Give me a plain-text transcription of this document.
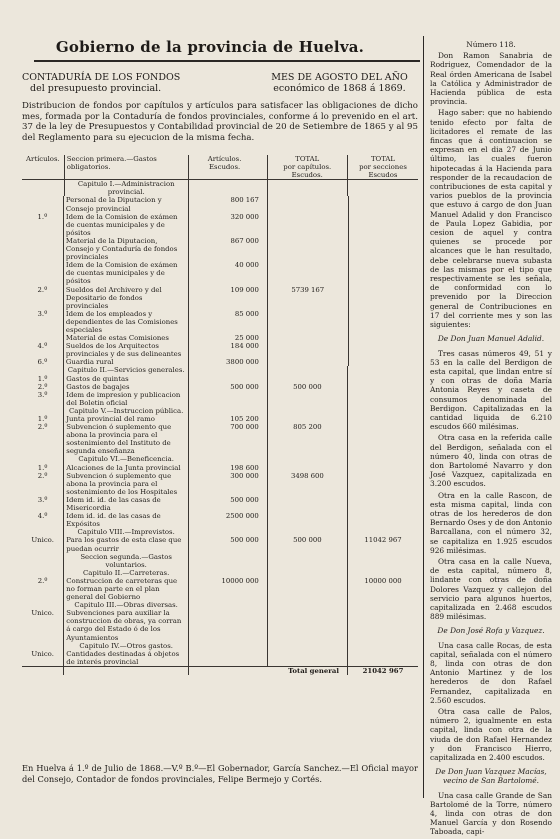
Gobierno de la provincia de Huelva.
CONTADURÍA DE LOS FONDOS
del presupuesto provincial.
MES DE AGOSTO DEL AÑO
económico de 1868 á 1869.
Distribucion de fondos por capítulos y artículos para satisfacer las obligaciones de dicho mes, formada por la Contaduría de fondos provinciales, conforme á lo prevenido en el art. 37 de la ley de Presupuestos y Contabilidad provincial de 20 de Setiembre de 1865 y al 95 del Reglamento para su ejecucion de la misma fecha.
Artículos.	Seccion primera.—Gastos obligatorios.	Artículos.
Escudos.	TOTAL
por capítulos.
Escudos.	TOTAL
por secciones
Escudos
	Capitulo I.—Administracion provincial.			
	Personal de la Diputacion y Consejo provincial	800 167		
1.º	Idem de la Comision de exámen de cuentas municipales y de pósitos	320 000		
	Material de la Diputacion, Consejo y Contaduría de fondos provinciales	867 000		
	Idem de la Comision de exámen de cuentas municipales y de pósitos	40 000		
2.º	Sueldos del Archivero y del Depositario de fondos provinciales	109 000	5739 167	
3.º	Idem de los empleados y dependientes de las Comisiones especiales	85 000		
	Material de estas Comisiones	25 000		
4.º	Sueldos de los Arquitectos provinciales y de sus delineantes	184 000		
6.º	Guardia rural	3800 000		
	Capitulo II.—Servicios generales.			
1.º	Gastos de quintas			
2.º	Gastos de bagajes	500 000	500 000	
3.º	Idem de impresion y publicacion del Boletin oficial			
	Capitulo V.—Instruccion pública.			
1.º	Junta provincial del ramo	105 200		
2.º	Subvencion ó suplemento que abona la provincia para el sostenimiento del Instituto de segunda enseñanza	700 000	805 200	
	Capitulo VI.—Beneficencia.			
1.º	Alcaciones de la Junta provincial	198 600		
2.º	Subvencion ó suplemento que abona la provincia para el sostenimiento de los Hospitales	300 000	3498 600	
3.º	Idem id. id. de las casas de Misericordia	500 000		
4.º	Idem id. id. de las casas de Expósitos	2500 000		
	Capitulo VIII.—Imprevistos.			
Unico.	Para los gastos de esta clase que puedan ocurrir	500 000	500 000	11042 967
	Seccion segunda.—Gastos voluntarios.			
	Capitulo II.—Carreteras.			
2.º	Construccion de carreteras que no forman parte en el plan general del Gobierno	10000 000		10000 000
	Capitulo III.—Obras diversas.			
Unico.	Subvenciones para auxiliar la construccion de obras, ya corran á cargo del Estado ó de los Ayuntamientos			
	Capitulo IV.—Otros gastos.			
Unico.	Cantidades destinadas á objetos de interés provincial			
		Total general		21042 967
En Huelva á 1.º de Julio de 1868.—V.º B.º—El Gobernador, García Sanchez.—El Oficial mayor del Consejo, Contador de fondos provinciales, Felipe Bermejo y Cortés.

Número 118.

Don Ramon Sanabria de Rodriguez, Comendador de la Real órden Americana de Isabel la Católica y Administrador de Hacienda pública de esta provincia.

Hago saber: que no habiendo tenido efecto por falta de licitadores el remate de las fincas que á continuacion se expresan en el dia 27 de Junio último, las cuales fueron hipotecadas á la Hacienda para responder de la recaudacion de contribuciones de esta capital y varios pueblos de la provincia que estuvo á cargo de don Juan Manuel Adalid y don Francisco de Paula Lopez Gabidia, por cesion de aquel y contra quienes se procede por alcances que le han resultado, debe celebrarse nueva subasta de las mismas por el tipo que respectivamente se les señala, de conformidad con lo prevenido por la Direccion general de Contribuciones en 17 del corriente mes y son las siguientes:

De Don Juan Manuel Adalid.

Tres casas números 49, 51 y 53 en la calle del Berdigon de esta capital, que lindan entre sí y con otras de doña María Antonia Reyes y caseta de consumos denominada del Berdigon. Capitalizadas en la cantidad liquida de 6.210 escudos 660 milésimas.

Otra casa en la referida calle del Berdigon, señalada con el número 40, linda con otras de don Bartolomé Navarro y don José Vazquez, capitalizada en 3.200 escudos.

Otra en la calle Rascon, de esta misma capital, linda con otras de los herederos de don Bernardo Oses y de don Antonio Barcallana, con el número 32, se capitaliza en 1.925 escudos 926 milésimas.

Otra casa en la calle Nueva, de esta capital, número 8, lindante con otras de doña Dolores Vazquez y callejon del servicio para algunos huertos, capitalizada en 2.468 escudos 889 milésimas.

De Don José Rofa y Vazquez.

Una casa calle Rocas, de esta capital, señalada con el número 8, linda con otras de don Antonio Martinez y de los herederos de don Rafael Fernandez, capitalizada en 2.560 escudos.

Otra casa calle de Palos, número 2, igualmente en esta capital, linda con otra de la viuda de don Rafael Hernandez y don Francisco Hierro, capitalizada en 2.400 escudos.

De Don Juan Vazquez Macías, vecino de San Bartolomé.

Una casa calle Grande de San Bartolomé de la Torre, número 4, linda con otras de don Manuel García y don Rosendo Taboada, capi-
